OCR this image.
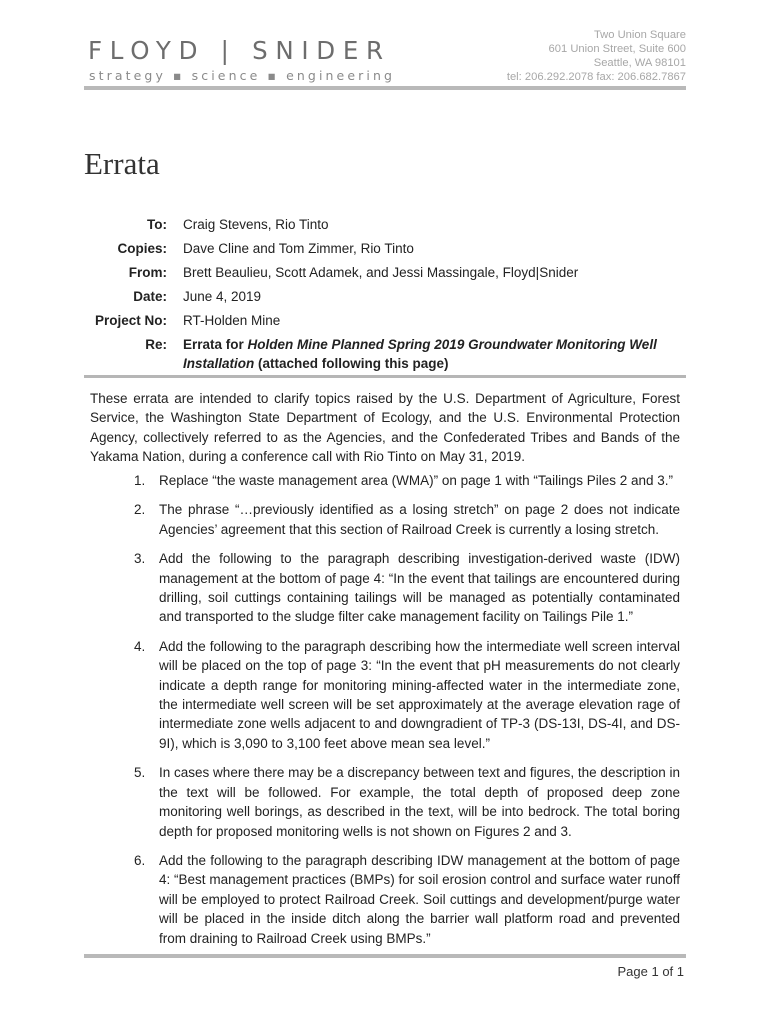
FLOYD | SNIDER
strategy ▪ science ▪ engineering
Two Union Square
601 Union Street, Suite 600
Seattle, WA 98101
tel: 206.292.2078 fax: 206.682.7867
Errata
To: Craig Stevens, Rio Tinto
Copies: Dave Cline and Tom Zimmer, Rio Tinto
From: Brett Beaulieu, Scott Adamek, and Jessi Massingale, Floyd|Snider
Date: June 4, 2019
Project No: RT-Holden Mine
Re: Errata for Holden Mine Planned Spring 2019 Groundwater Monitoring Well Installation (attached following this page)

These errata are intended to clarify topics raised by the U.S. Department of Agriculture, Forest Service, the Washington State Department of Ecology, and the U.S. Environmental Protection Agency, collectively referred to as the Agencies, and the Confederated Tribes and Bands of the Yakama Nation, during a conference call with Rio Tinto on May 31, 2019.

1. Replace “the waste management area (WMA)” on page 1 with “Tailings Piles 2 and 3.”
2. The phrase “…previously identified as a losing stretch” on page 2 does not indicate Agencies’ agreement that this section of Railroad Creek is currently a losing stretch.
3. Add the following to the paragraph describing investigation-derived waste (IDW) management at the bottom of page 4: “In the event that tailings are encountered during drilling, soil cuttings containing tailings will be managed as potentially contaminated and transported to the sludge filter cake management facility on Tailings Pile 1.”
4. Add the following to the paragraph describing how the intermediate well screen interval will be placed on the top of page 3: “In the event that pH measurements do not clearly indicate a depth range for monitoring mining-affected water in the intermediate zone, the intermediate well screen will be set approximately at the average elevation rage of intermediate zone wells adjacent to and downgradient of TP-3 (DS-13I, DS-4I, and DS-9I), which is 3,090 to 3,100 feet above mean sea level.”
5. In cases where there may be a discrepancy between text and figures, the description in the text will be followed. For example, the total depth of proposed deep zone monitoring well borings, as described in the text, will be into bedrock. The total boring depth for proposed monitoring wells is not shown on Figures 2 and 3.
6. Add the following to the paragraph describing IDW management at the bottom of page 4: “Best management practices (BMPs) for soil erosion control and surface water runoff will be employed to protect Railroad Creek. Soil cuttings and development/purge water will be placed in the inside ditch along the barrier wall platform road and prevented from draining to Railroad Creek using BMPs.”
Page 1 of 1
